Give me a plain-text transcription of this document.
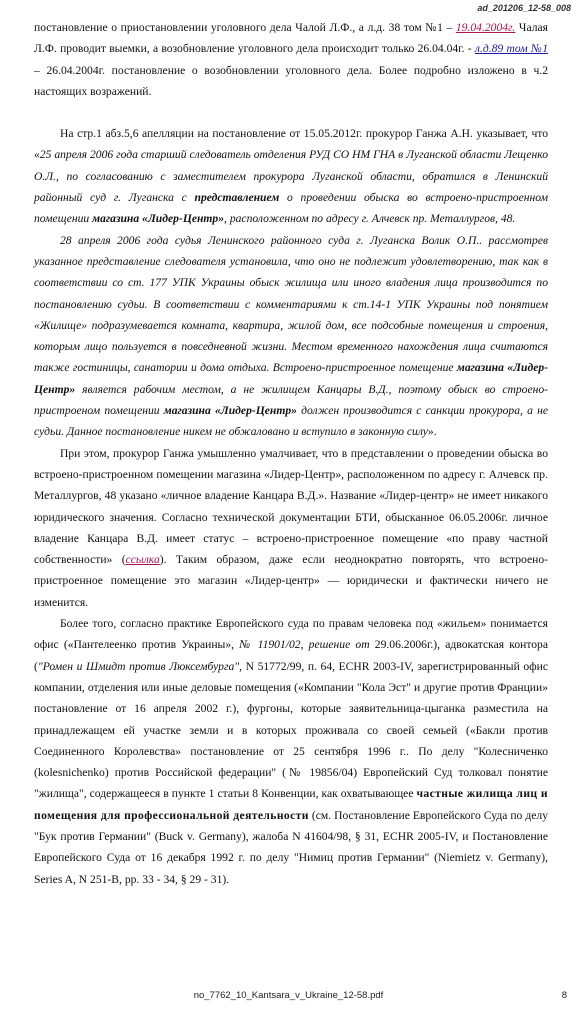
ad_201206_12-58_008

постановление о приостановлении уголовного дела Чалой Л.Ф., а л.д. 38 том №1 – 19.04.2004г. Чалая Л.Ф. проводит выемки, а возобновление уголовного дела происходит только 26.04.04г. - л.д.89 том №1 – 26.04.2004г. постановление о возобновлении уголовного дела. Более подробно изложено в ч.2 настоящих возражений.

На стр.1 абз.5,6 апелляции на постановление от 15.05.2012г. прокурор Ганжа А.Н. указывает, что «25 апреля 2006 года старший следователь отделения РУД СО НМ ГНА в Луганской области Лещенко О.Л., по согласованию с заместителем прокурора Луганской области, обратился в Ленинский районный суд г. Луганска с представлением о проведении обыска во встроено-пристроенном помещении магазина «Лидер-Центр», расположенном по адресу г. Алчевск пр. Металлургов, 48.

28 апреля 2006 года судья Ленинского районного суда г. Луганска Волик О.П.. рассмотрев указанное представление следователя установила, что оно не подлежит удовлетворению, так как в соответствии со ст. 177 УПК Украины обыск жилища или иного владения лица производится по постановлению судьи. В соответствии с комментариями к ст.14-1 УПК Украины под понятием «Жилище» подразумевается комната, квартира, жилой дом, все подсобные помещения и строения, которым лицо пользуется в повседневной жизни. Местом временного нахождения лица считаются также гостиницы, санатории и дома отдыха. Встроено-пристроенное помещение магазина «Лидер-Центр» является рабочим местом, а не жилищем Канцары В.Д., поэтому обыск во строено-пристроеном помещении магазина «Лидер-Центр» должен производится с санкции прокурора, а не судьи. Данное постановление никем не обжаловано и вступило в законную силу».

При этом, прокурор Ганжа умышленно умалчивает, что в представлении о проведении обыска во встроено-пристроенном помещении магазина «Лидер-Центр», расположенном по адресу г. Алчевск пр. Металлургов, 48 указано «личное владение Канцара В.Д.». Название «Лидер-центр» не имеет никакого юридического значения. Согласно технической документации БТИ, обысканное 06.05.2006г. личное владение Канцара В.Д. имеет статус – встроено-пристроенное помещение «по праву частной собственности» (ссылка). Таким образом, даже если неоднократно повторять, что встроено-пристроенное помещение это магазин «Лидер-центр» — юридически и фактически ничего не изменится.

Более того, согласно практике Европейского суда по правам человека под «жильем» понимается офис («Пантелеенко против Украины», № 11901/02, решение от 29.06.2006г.), адвокатская контора ("Ромен и Шмидт против Люксембурга", N 51772/99, п. 64, ECHR 2003-IV, зарегистрированный офис компании, отделения или иные деловые помещения («Компании "Кола Эст" и другие против Франции» постановление от 16 апреля 2002 г.), фургоны, которые заявительница-цыганка разместила на принадлежащем ей участке земли и в которых проживала со своей семьей («Бакли против Соединенного Королевства» постановление от 25 сентября 1996 г.. По делу "Колесниченко (kolesnichenko) против Российской федерации" (№ 19856/04) Европейский Суд толковал понятие "жилища", содержащееся в пункте 1 статьи 8 Конвенции, как охватывающее частные жилища лиц и помещения для профессиональной деятельности (см. Постановление Европейского Суда по делу "Бук против Германии" (Buck v. Germany), жалоба N 41604/98, § 31, ECHR 2005-IV, и Постановление Европейского Суда от 16 декабря 1992 г. по делу "Нимиц против Германии" (Niemietz v. Germany), Series A, N 251-B, pp. 33 - 34, § 29 - 31).

no_7762_10_Kantsara_v_Ukraine_12-58.pdf	8
